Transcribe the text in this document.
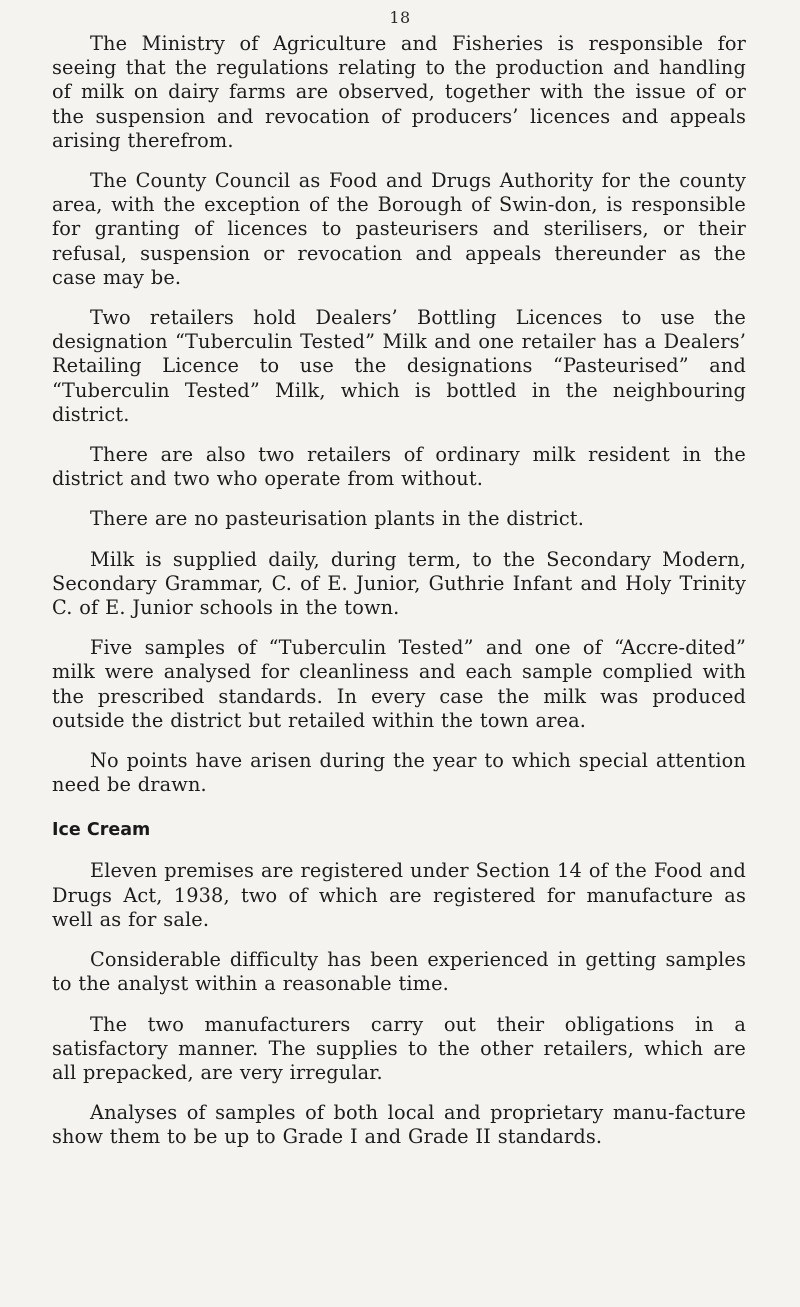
18

The Ministry of Agriculture and Fisheries is responsible for seeing that the regulations relating to the production and handling of milk on dairy farms are observed, together with the issue of or the suspension and revocation of producers’ licences and appeals arising therefrom.

The County Council as Food and Drugs Authority for the county area, with the exception of the Borough of Swin-don, is responsible for granting of licences to pasteurisers and sterilisers, or their refusal, suspension or revocation and appeals thereunder as the case may be.

Two retailers hold Dealers’ Bottling Licences to use the designation “Tuberculin Tested” Milk and one retailer has a Dealers’ Retailing Licence to use the designations “Pasteurised” and “Tuberculin Tested” Milk, which is bottled in the neighbouring district.

There are also two retailers of ordinary milk resident in the district and two who operate from without.

There are no pasteurisation plants in the district.

Milk is supplied daily, during term, to the Secondary Modern, Secondary Grammar, C. of E. Junior, Guthrie Infant and Holy Trinity C. of E. Junior schools in the town.

Five samples of “Tuberculin Tested” and one of “Accre-dited” milk were analysed for cleanliness and each sample complied with the prescribed standards. In every case the milk was produced outside the district but retailed within the town area.

No points have arisen during the year to which special attention need be drawn.

Ice Cream

Eleven premises are registered under Section 14 of the Food and Drugs Act, 1938, two of which are registered for manufacture as well as for sale.

Considerable difficulty has been experienced in getting samples to the analyst within a reasonable time.

The two manufacturers carry out their obligations in a satisfactory manner. The supplies to the other retailers, which are all prepacked, are very irregular.

Analyses of samples of both local and proprietary manu-facture show them to be up to Grade I and Grade II standards.
